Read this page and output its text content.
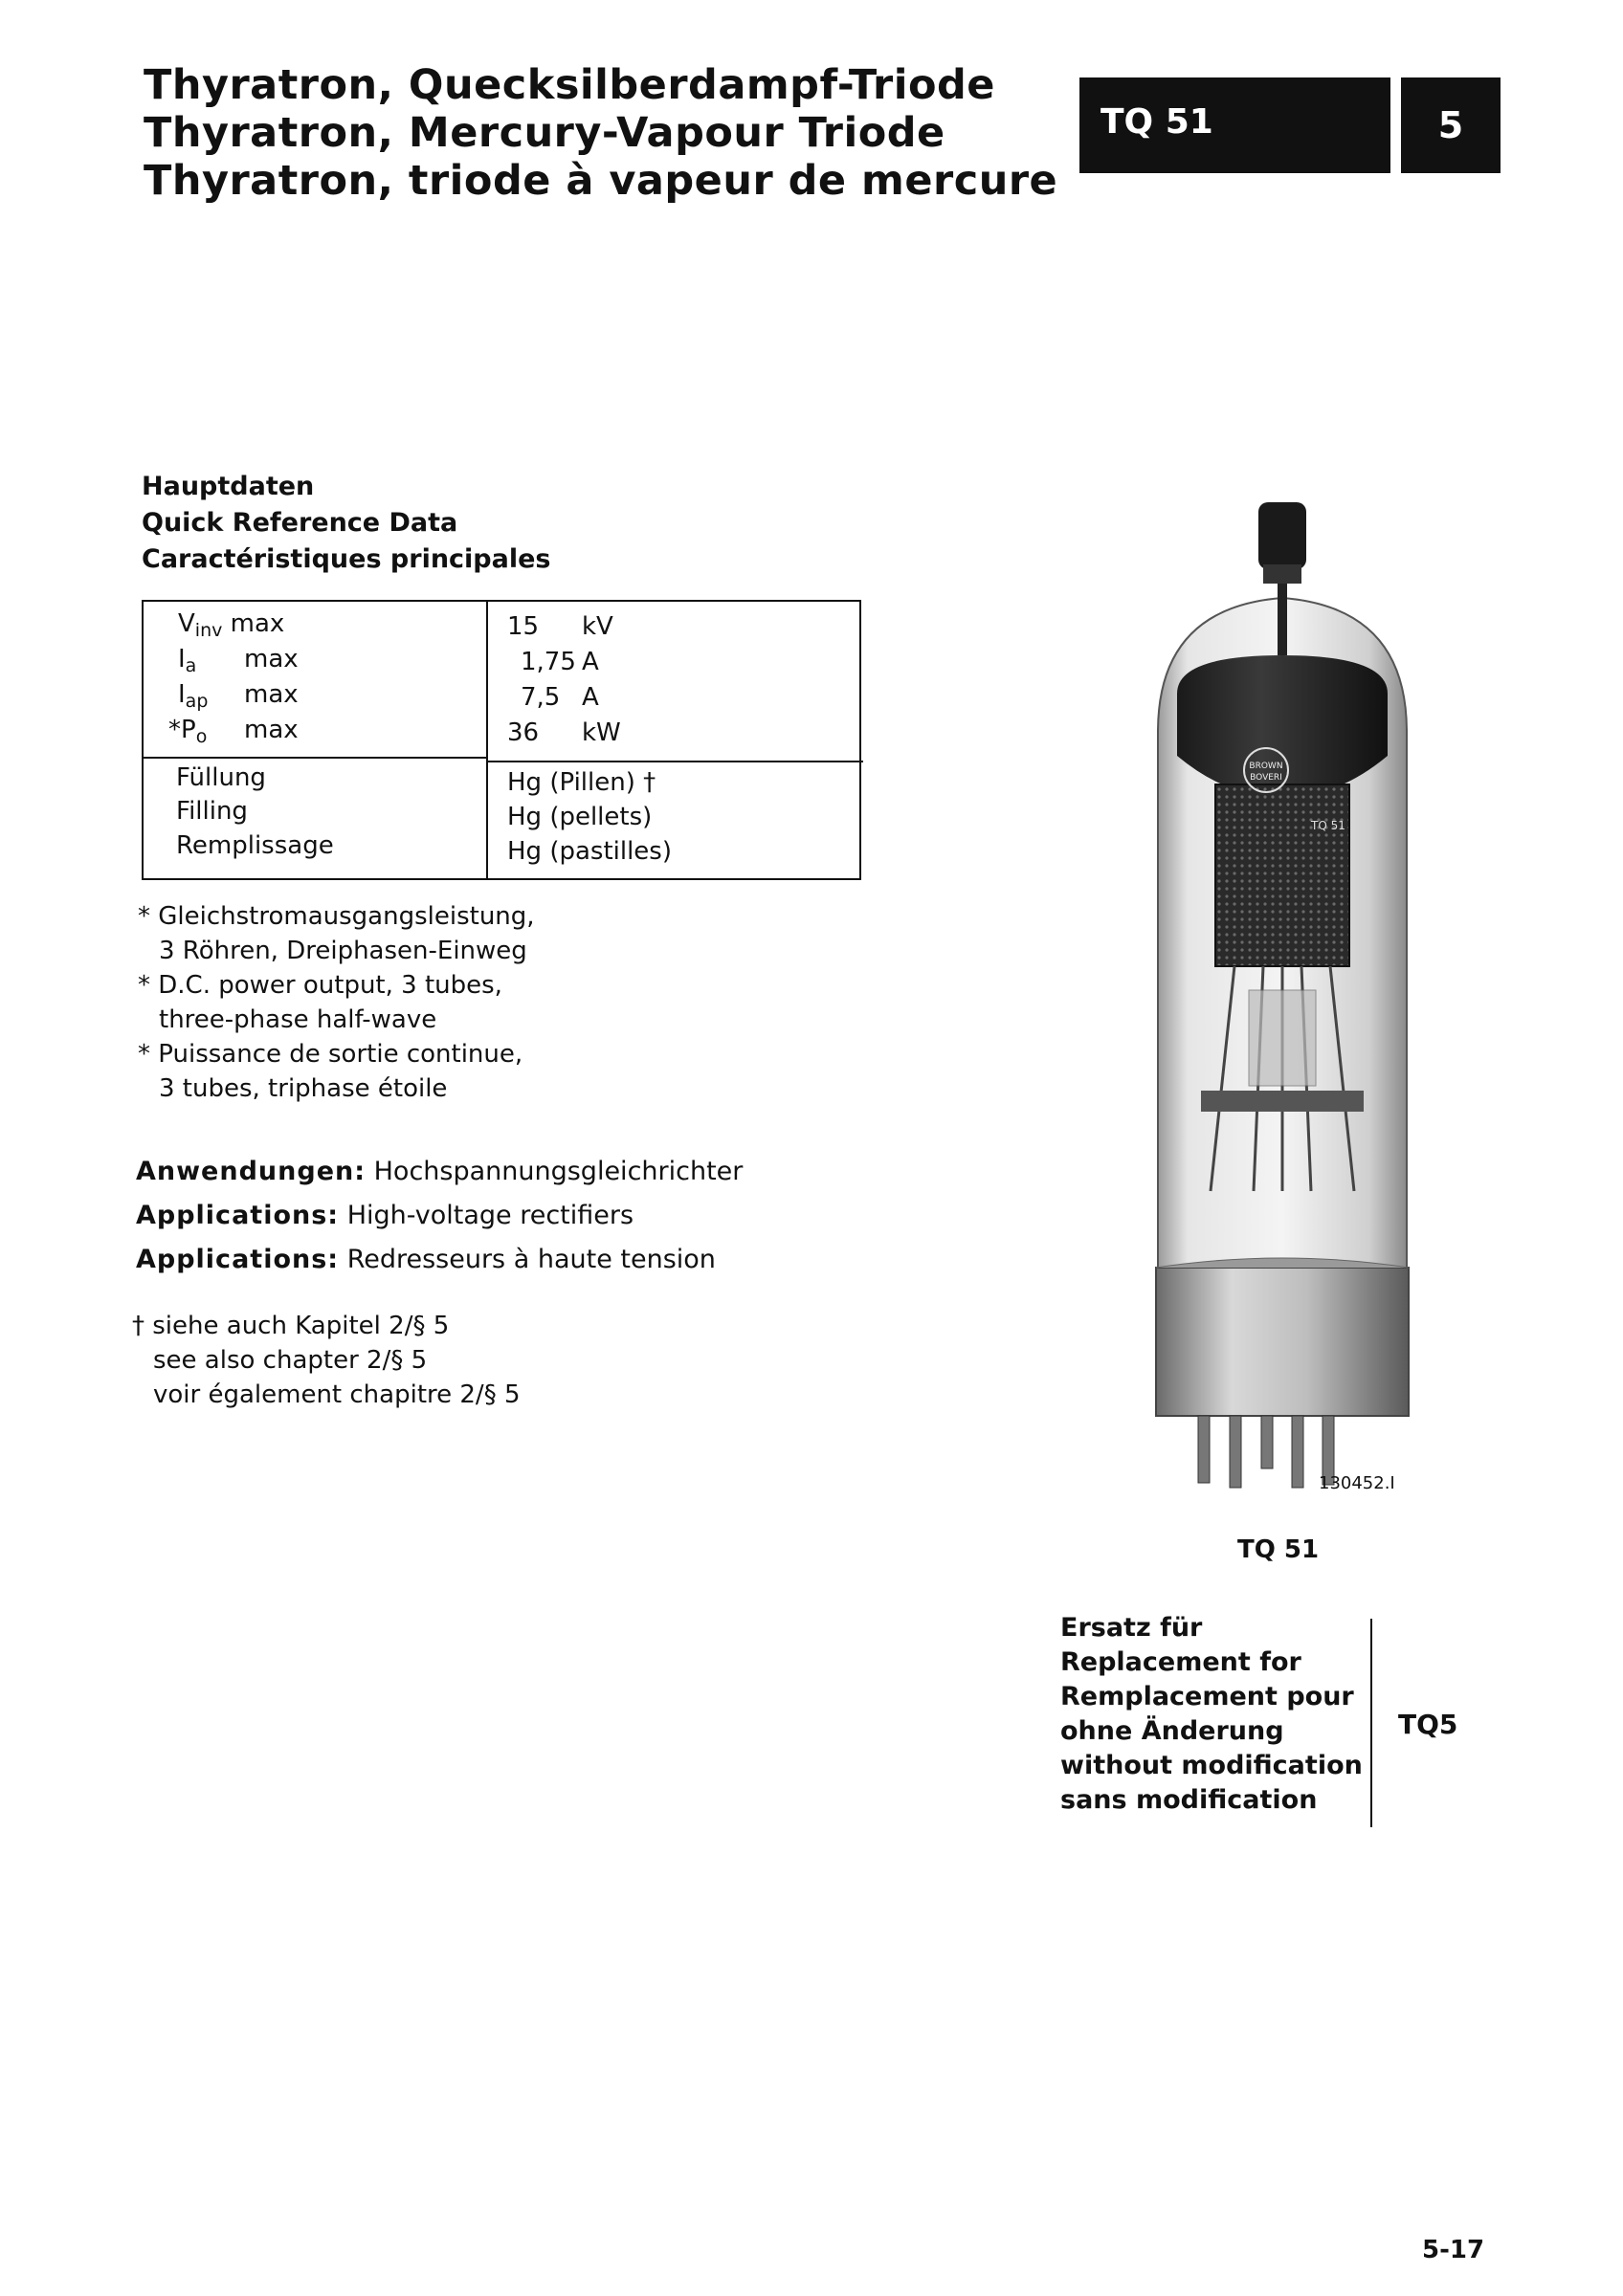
Thyratron, Quecksilberdampf-Triode
Thyratron, Mercury-Vapour Triode
Thyratron, triode à vapeur de mercure
TQ 51	5
Hauptdaten
Quick Reference Data
Caractéristiques principales
Vinv max
Ia max
Iap max
*Po max
15 kV
1,75 A
7,5 A
36 kW
Füllung
Filling
Remplissage
Hg (Pillen) †
Hg (pellets)
Hg (pastilles)
* Gleichstromausgangsleistung,
3 Röhren, Dreiphasen-Einweg
* D.C. power output, 3 tubes,
three-phase half-wave
* Puissance de sortie continue,
3 tubes, triphase étoile
Anwendungen: Hochspannungsgleichrichter
Applications: High-voltage rectifiers
Applications: Redresseurs à haute tension
† siehe auch Kapitel 2/§ 5
see also chapter 2/§ 5
voir également chapitre 2/§ 5
BROWN
BOVERI
TQ 51
130452.I
TQ 51
Ersatz für
Replacement for
Remplacement pour
ohne Änderung
without modification
sans modification
TQ5
5-17
